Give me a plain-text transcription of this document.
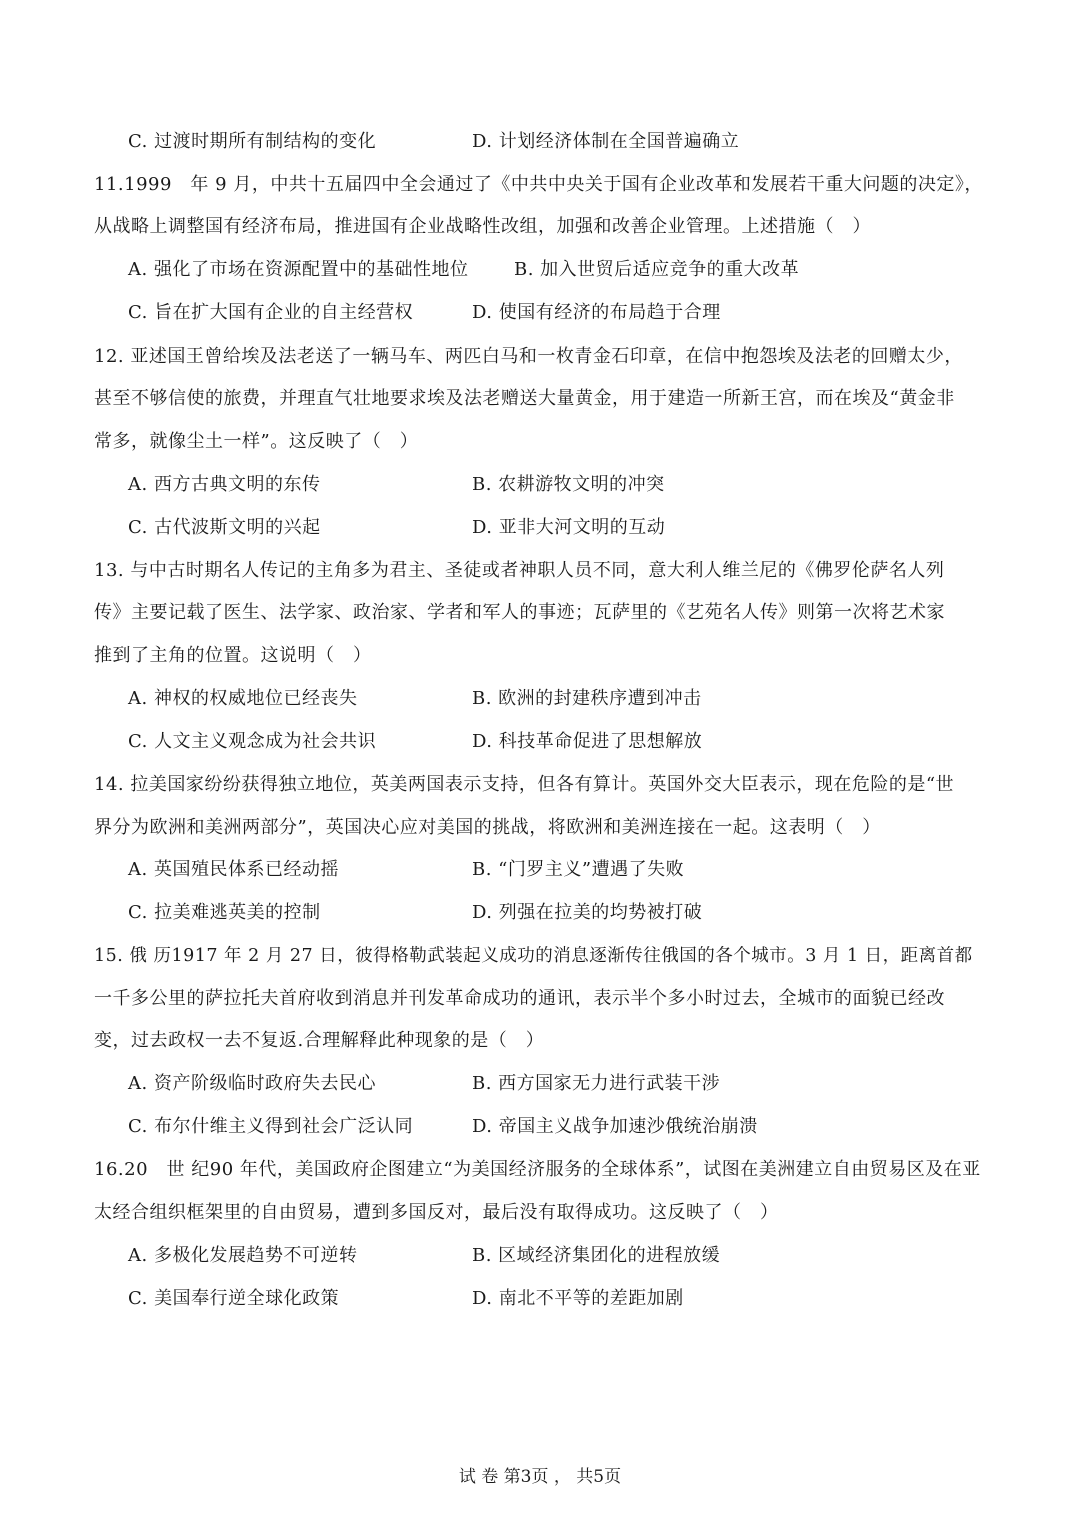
C. 过渡时期所有制结构的变化	D. 计划经济体制在全国普遍确立
11.1999　年 9 月，中共十五届四中全会通过了《中共中央关于国有企业改革和发展若干重大问题的决定》，
从战略上调整国有经济布局，推进国有企业战略性改组，加强和改善企业管理。上述措施（　）
A. 强化了市场在资源配置中的基础性地位	B. 加入世贸后适应竞争的重大改革
C. 旨在扩大国有企业的自主经营权	D. 使国有经济的布局趋于合理
12. 亚述国王曾给埃及法老送了一辆马车、两匹白马和一枚青金石印章，在信中抱怨埃及法老的回赠太少，
甚至不够信使的旅费，并理直气壮地要求埃及法老赠送大量黄金，用于建造一所新王宫，而在埃及“黄金非
常多，就像尘土一样”。这反映了（　）
A. 西方古典文明的东传	B. 农耕游牧文明的冲突
C. 古代波斯文明的兴起	D. 亚非大河文明的互动
13. 与中古时期名人传记的主角多为君主、圣徒或者神职人员不同，意大利人维兰尼的《佛罗伦萨名人列
传》主要记载了医生、法学家、政治家、学者和军人的事迹；瓦萨里的《艺苑名人传》则第一次将艺术家
推到了主角的位置。这说明（　）
A. 神权的权威地位已经丧失	B. 欧洲的封建秩序遭到冲击
C. 人文主义观念成为社会共识	D. 科技革命促进了思想解放
14. 拉美国家纷纷获得独立地位，英美两国表示支持，但各有算计。英国外交大臣表示，现在危险的是“世
界分为欧洲和美洲两部分”，英国决心应对美国的挑战，将欧洲和美洲连接在一起。这表明（　）
A. 英国殖民体系已经动摇	B. “门罗主义”遭遇了失败
C. 拉美难逃英美的控制	D. 列强在拉美的均势被打破
15. 俄 历1917 年 2 月 27 日，彼得格勒武装起义成功的消息逐渐传往俄国的各个城市。3 月 1 日，距离首都
一千多公里的萨拉托夫首府收到消息并刊发革命成功的通讯，表示半个多小时过去，全城市的面貌已经改
变，过去政权一去不复返.合理解释此种现象的是（　）
A. 资产阶级临时政府失去民心	B. 西方国家无力进行武装干涉
C. 布尔什维主义得到社会广泛认同	D. 帝国主义战争加速沙俄统治崩溃
16.20　世 纪90 年代，美国政府企图建立“为美国经济服务的全球体系”，试图在美洲建立自由贸易区及在亚
太经合组织框架里的自由贸易，遭到多国反对，最后没有取得成功。这反映了（　）
A. 多极化发展趋势不可逆转	B. 区域经济集团化的进程放缓
C. 美国奉行逆全球化政策	D. 南北不平等的差距加剧
试 卷 第3页 ， 共5页
